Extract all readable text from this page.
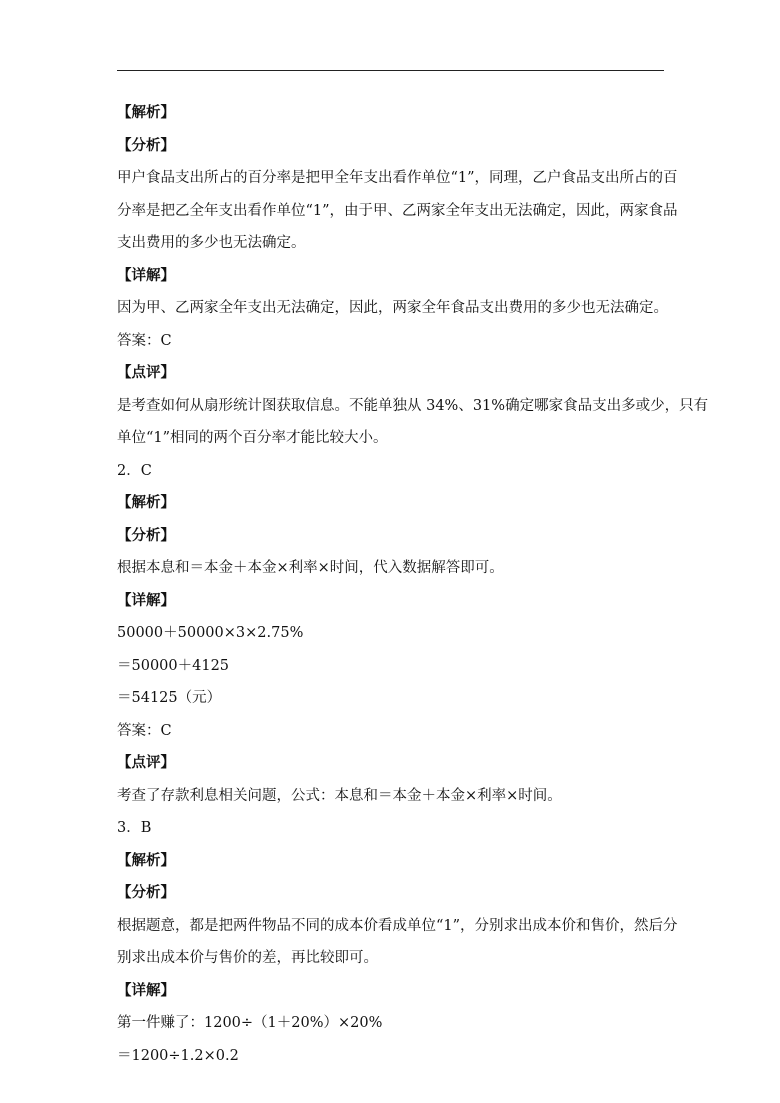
【解析】
【分析】
甲户食品支出所占的百分率是把甲全年支出看作单位“1”，同理，乙户食品支出所占的百
分率是把乙全年支出看作单位“1”，由于甲、乙两家全年支出无法确定，因此，两家食品
支出费用的多少也无法确定。
【详解】
因为甲、乙两家全年支出无法确定，因此，两家全年食品支出费用的多少也无法确定。
答案：C
【点评】
是考查如何从扇形统计图获取信息。不能单独从 34%、31%确定哪家食品支出多或少，只有
单位“1”相同的两个百分率才能比较大小。
2．C
【解析】
【分析】
根据本息和＝本金＋本金×利率×时间，代入数据解答即可。
【详解】
50000＋50000×3×2.75%
＝50000＋4125
＝54125（元）
答案：C
【点评】
考查了存款利息相关问题，公式：本息和＝本金＋本金×利率×时间。
3．B
【解析】
【分析】
根据题意，都是把两件物品不同的成本价看成单位“1”，分别求出成本价和售价，然后分
别求出成本价与售价的差，再比较即可。
【详解】
第一件赚了：1200÷（1＋20%）×20%
＝1200÷1.2×0.2
